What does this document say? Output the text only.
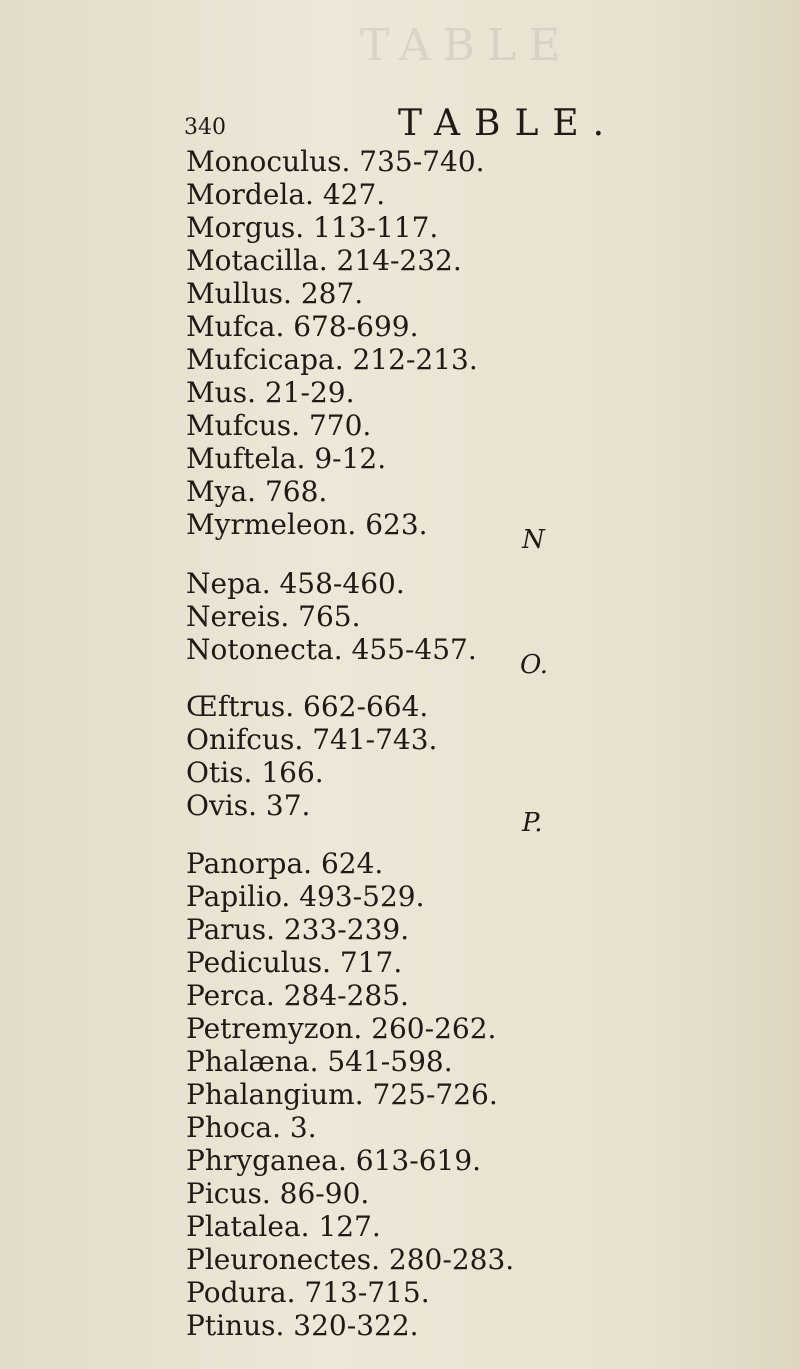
TABLE
340	TABLE.
Monoculus. 735-740.
Mordela. 427.
Morgus. 113-117.
Motacilla. 214-232.
Mullus. 287.
Mufca. 678-699.
Mufcicapa. 212-213.
Mus. 21-29.
Mufcus. 770.
Muftela. 9-12.
Mya. 768.
Myrmeleon. 623.
Nepa. 458-460.
Nereis. 765.
Notonecta. 455-457.
Œftrus. 662-664.
Onifcus. 741-743.
Otis. 166.
Ovis. 37.
Panorpa. 624.
Papilio. 493-529.
Parus. 233-239.
Pediculus. 717.
Perca. 284-285.
Petremyzon. 260-262.
Phalæna. 541-598.
Phalangium. 725-726.
Phoca. 3.
Phryganea. 613-619.
Picus. 86-90.
Platalea. 127.
Pleuronectes. 280-283.
Podura. 713-715.
Ptinus. 320-322.
N
O.
P.
